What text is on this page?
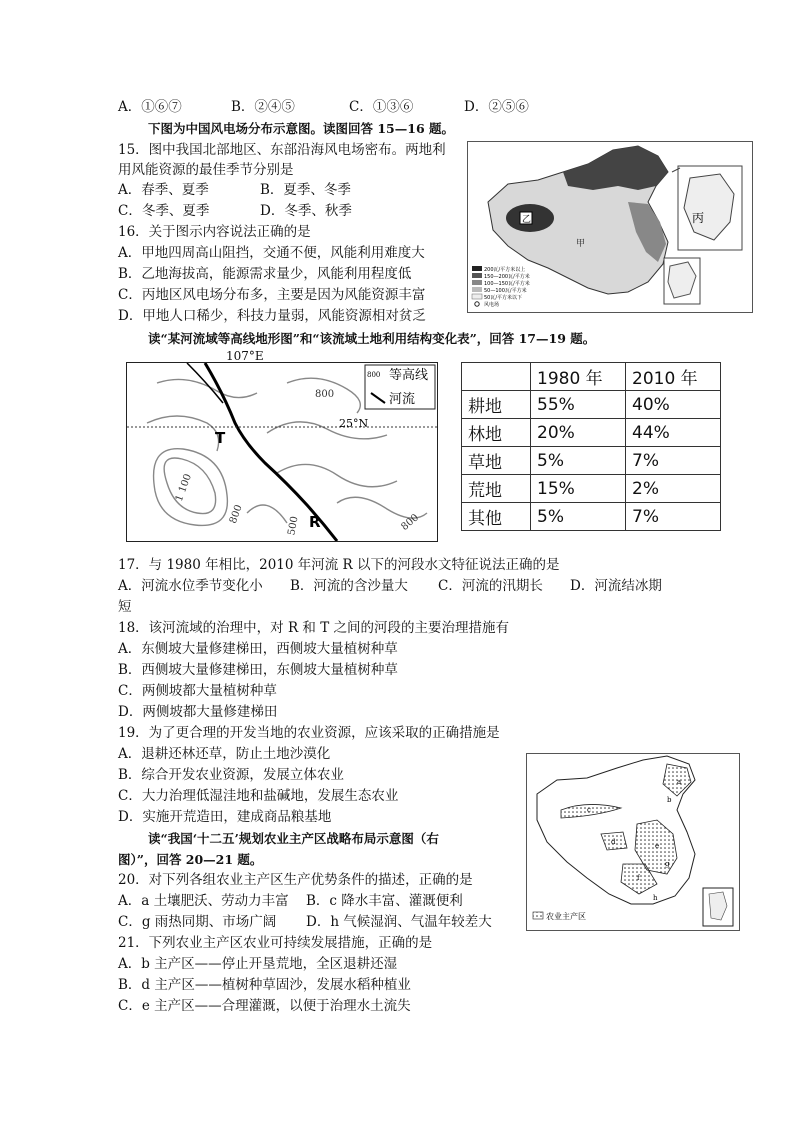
A．①⑥⑦	B．②④⑤	C．①③⑥	D．②⑤⑥
下图为中国风电场分布示意图。读图回答 15—16 题。
15．图中我国北部地区、东部沿海风电场密布。两地利
用风能资源的最佳季节分别是
A．春季、夏季	B．夏季、冬季
C．冬季、夏季	D．冬季、秋季
16．关于图示内容说法正确的是
A．甲地四周高山阻挡，交通不便，风能利用难度大
B．乙地海拔高，能源需求量少，风能利用程度低
C．丙地区风电场分布多，主要是因为风能资源丰富
D．甲地人口稀少，科技力量弱，风能资源相对贫乏
乙
甲
丙
200瓦/平方米以上
150—200瓦/平方米
100—150瓦/平方米
50—100瓦/平方米
50瓦/平方米以下
风电场
读“某河流域等高线地形图”和“该流域土地利用结构变化表”，回答 17—19 题。
800 等高线
河流
25°N
800
1 100
800
500	800
T
R
107°E
	1980 年	2010 年
耕地	55%	40%
林地	20%	44%
草地	5%	7%
荒地	15%	2%
其他	5%	7%
17．与 1980 年相比，2010 年河流 R 以下的河段水文特征说法正确的是
A．河流水位季节变化小 B．河流的含沙量大 C．河流的汛期长 D．河流结冰期
短
18．该河流域的治理中，对 R 和 T 之间的河段的主要治理措施有
A．东侧坡大量修建梯田，西侧坡大量植树种草
B．西侧坡大量修建梯田，东侧坡大量植树种草
C．两侧坡都大量植树种草
D．两侧坡都大量修建梯田
19．为了更合理的开发当地的农业资源，应该采取的正确措施是
A．退耕还林还草，防止土地沙漠化
B．综合开发农业资源，发展立体农业
C．大力治理低湿洼地和盐碱地，发展生态农业
D．实施开荒造田，建成商品粮基地
读“我国‘十二五’规划农业主产区战略布局示意图（右
图）”，回答 20—21 题。
a
b
c
d	e
f
g
h
农业主产区
20．对下列各组农业主产区生产优势条件的描述，正确的是
A．a 土壤肥沃、劳动力丰富 B．c 降水丰富、灌溉便利
C．g 雨热同期、市场广阔 D．h 气候湿润、气温年较差大
21．下列农业主产区农业可持续发展措施，正确的是
A．b 主产区——停止开垦荒地，全区退耕还湿
B．d 主产区——植树种草固沙，发展水稻种植业
C．e 主产区——合理灌溉，以便于治理水土流失
